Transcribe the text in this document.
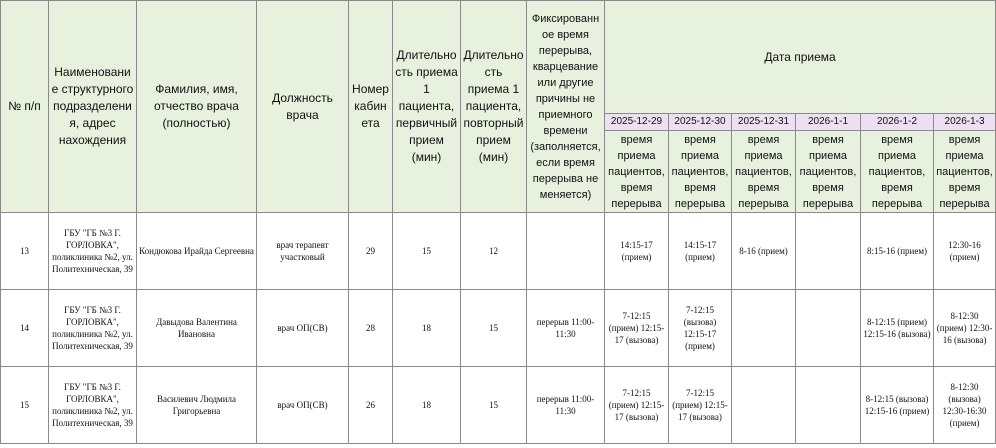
№ п/п	Наименование структурного подразделения, адрес нахождения	Фамилия, имя, отчество врача (полностью)	Должность врача	Номер кабинета	Длительность приема 1 пациента, первичный прием (мин)	Длительность приема 1 пациента, повторный прием (мин)	Фиксированное время перерыва, кварцевание или другие причины не приемного времени (заполняется, если время перерыва не меняется)	Дата приема					
								2025-12-29	2025-12-30	2025-12-31	2026-1-1	2026-1-2	2026-1-3
								время приема пациентов, время перерыва	время приема пациентов, время перерыва	время приема пациентов, время перерыва	время приема пациентов, время перерыва	время приема пациентов, время перерыва	время приема пациентов, время перерыва
13	ГБУ "ГБ №3 Г. ГОРЛОВКА", поликлиника №2, ул. Политехническая, 39	Кондюкова Ирайда Сергеевна	врач терапевт участковый	29	15	12		14:15-17 (прием)	14:15-17 (прием)	8-16 (прием)		8:15-16 (прием)	12:30-16 (прием)
14	ГБУ "ГБ №3 Г. ГОРЛОВКА", поликлиника №2, ул. Политехническая, 39	Давыдова Валентина Ивановна	врач ОП(СВ)	28	18	15	перерыв 11:00-11:30	7-12:15 (прием) 12:15-17 (вызова)	7-12:15 (вызова) 12:15-17 (прием)			8-12:15 (прием) 12:15-16 (вызова)	8-12:30 (прием) 12:30-16 (вызова)
15	ГБУ "ГБ №3 Г. ГОРЛОВКА", поликлиника №2, ул. Политехническая, 39	Василевич Людмила Григорьевна	врач ОП(СВ)	26	18	15	перерыв 11:00-11:30	7-12:15 (прием) 12:15-17 (вызова)	7-12:15 (прием) 12:15-17 (вызова)			8-12:15 (вызова) 12:15-16 (прием)	8-12:30 (вызова) 12:30-16:30 (прием)
